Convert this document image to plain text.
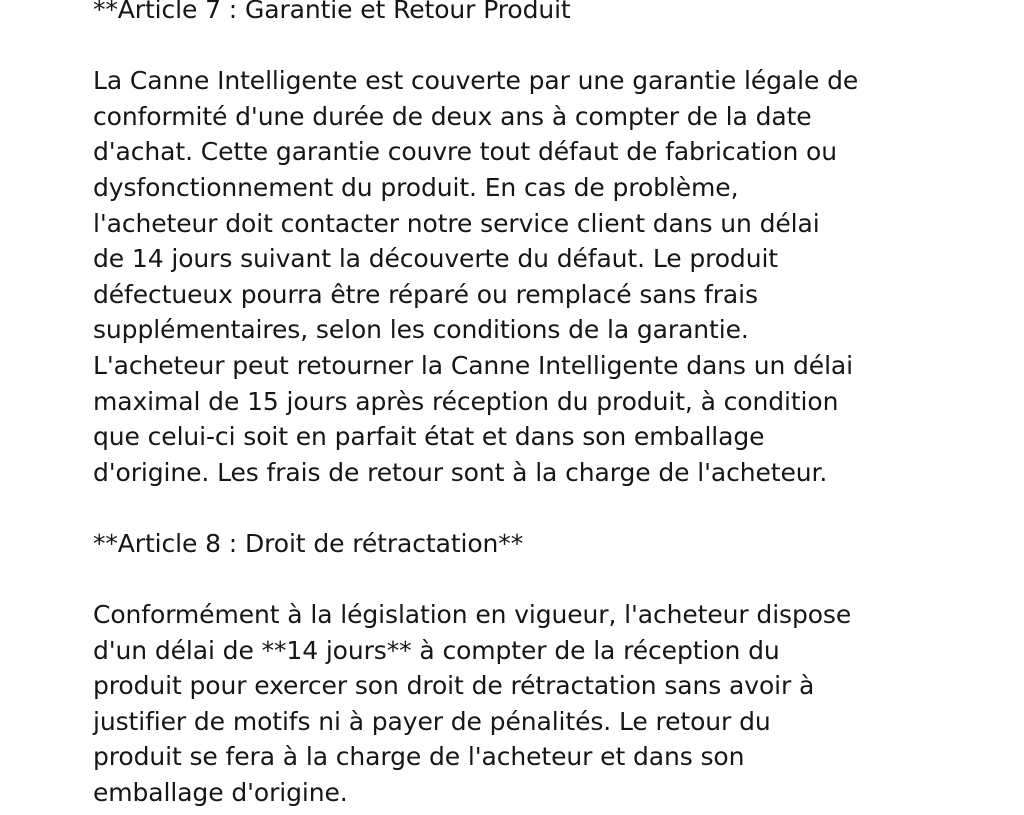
**Article 7 : Garantie et Retour Produit
La Canne Intelligente est couverte par une garantie légale de
conformité d'une durée de deux ans à compter de la date
d'achat. Cette garantie couvre tout défaut de fabrication ou
dysfonctionnement du produit. En cas de problème,
l'acheteur doit contacter notre service client dans un délai
de 14 jours suivant la découverte du défaut. Le produit
défectueux pourra être réparé ou remplacé sans frais
supplémentaires, selon les conditions de la garantie.
L'acheteur peut retourner la Canne Intelligente dans un délai
maximal de 15 jours après réception du produit, à condition
que celui-ci soit en parfait état et dans son emballage
d'origine. Les frais de retour sont à la charge de l'acheteur.
**Article 8 : Droit de rétractation**
Conformément à la législation en vigueur, l'acheteur dispose
d'un délai de **14 jours** à compter de la réception du
produit pour exercer son droit de rétractation sans avoir à
justifier de motifs ni à payer de pénalités. Le retour du
produit se fera à la charge de l'acheteur et dans son
emballage d'origine.
